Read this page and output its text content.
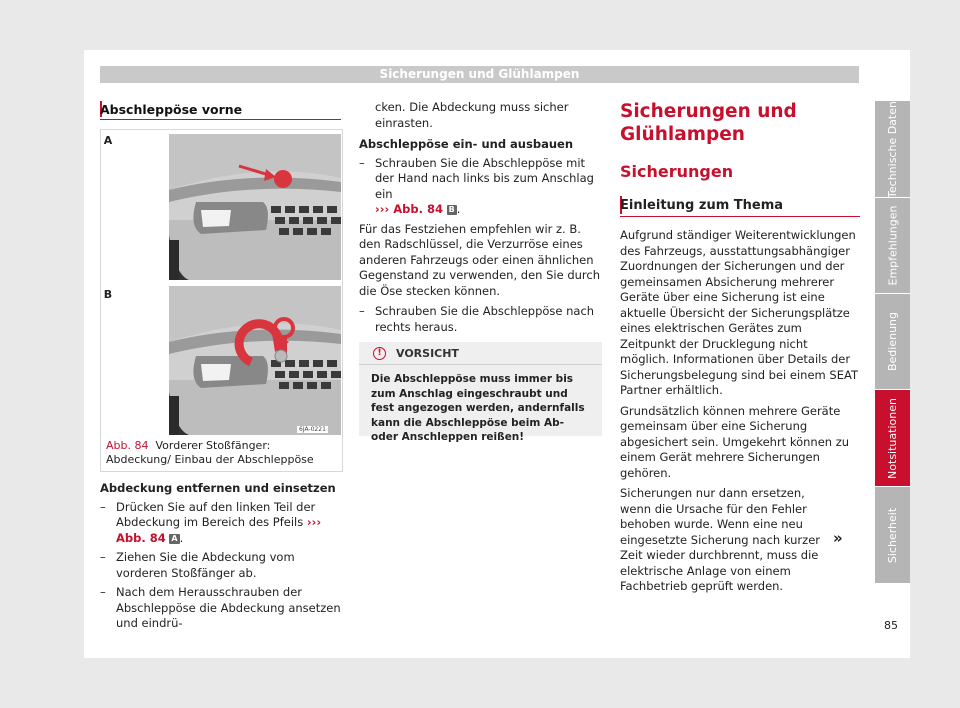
Sicherungen und Glühlampen
Abschleppöse vorne
A
B
6JA-0221
Abb. 84 Vorderer Stoßfänger: Abdeckung/ Einbau der Abschleppöse
Abdeckung entfernen und einsetzen
– Drücken Sie auf den linken Teil der Abdeckung im Bereich des Pfeils ››› Abb. 84 A .
– Ziehen Sie die Abdeckung vom vorderen Stoßfänger ab.
– Nach dem Herausschrauben der Abschleppöse die Abdeckung ansetzen und eindrü-
cken. Die Abdeckung muss sicher einrasten.
Abschleppöse ein- und ausbauen
– Schrauben Sie die Abschleppöse mit der Hand nach links bis zum Anschlag ein
››› Abb. 84 B .

Für das Festziehen empfehlen wir z. B. den Radschlüssel, die Verzurröse eines anderen Fahrzeugs oder einen ähnlichen Gegenstand zu verwenden, den Sie durch die Öse stecken können.

– Schrauben Sie die Abschleppöse nach rechts heraus.
!	VORSICHT
Die Abschleppöse muss immer bis zum Anschlag eingeschraubt und fest angezogen werden, andernfalls kann die Abschleppöse beim Ab- oder Anschleppen reißen!
Sicherungen und Glühlampen
Sicherungen
Einleitung zum Thema

Aufgrund ständiger Weiterentwicklungen des Fahrzeugs, ausstattungsabhängiger Zuordnungen der Sicherungen und der gemeinsamen Absicherung mehrerer Geräte über eine Sicherung ist eine aktuelle Übersicht der Sicherungsplätze eines elektrischen Gerätes zum Zeitpunkt der Drucklegung nicht möglich. Informationen über Details der Sicherungsbelegung sind bei einem SEAT Partner erhältlich.

Grundsätzlich können mehrere Geräte gemeinsam über eine Sicherung abgesichert sein. Umgekehrt können zu einem Gerät mehrere Sicherungen gehören.

Sicherungen nur dann ersetzen, wenn die Ursache für den Fehler behoben wurde. Wenn eine neu eingesetzte Sicherung nach kurzer Zeit wieder durchbrennt, muss die elektrische Anlage von einem Fachbetrieb geprüft werden.

»
Technische Daten
Empfehlungen
Bedienung
Notsituationen
Sicherheit
85
